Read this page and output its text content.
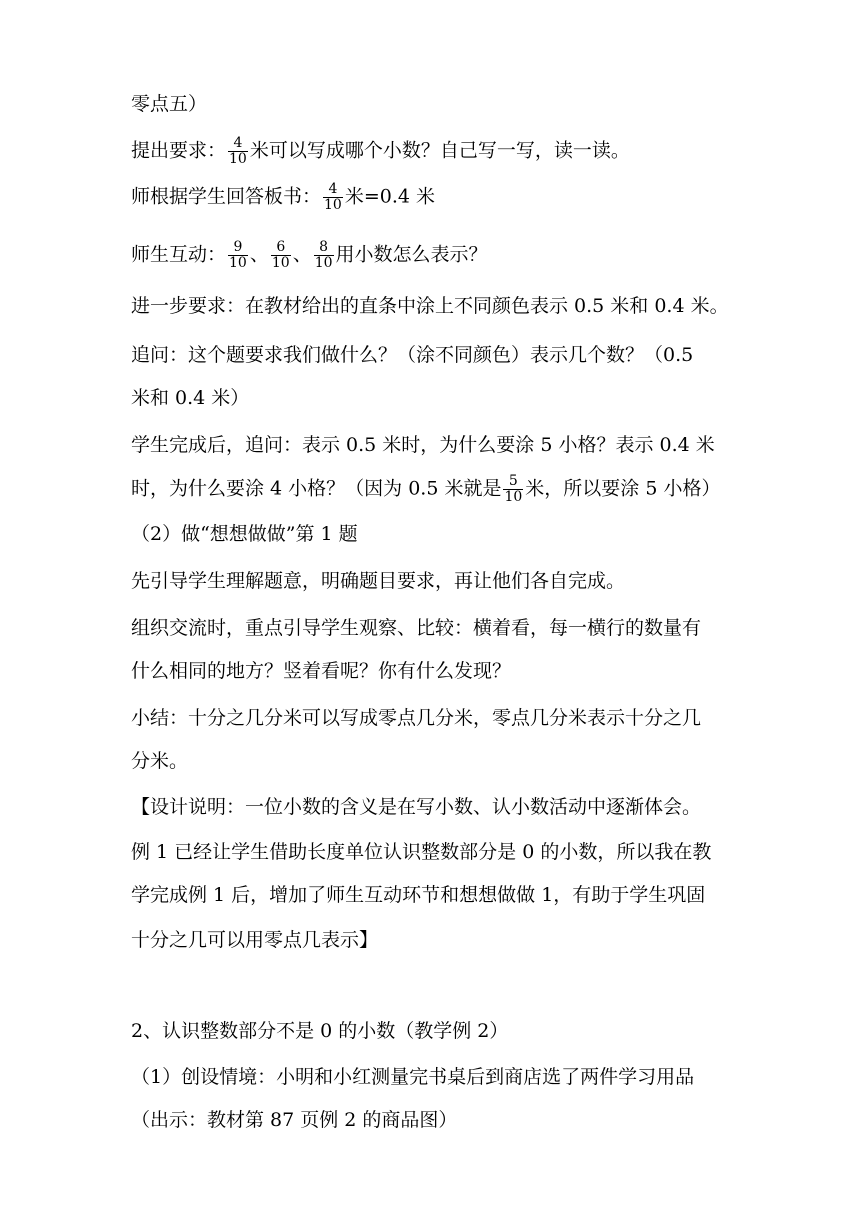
零点五）
提出要求： $\frac{4}{10}$ 米可以写成哪个小数？自己写一写，读一读。
师根据学生回答板书： $\frac{4}{10}$ 米=0.4 米
师生互动： $\frac{9}{10}$ 、 $\frac{6}{10}$ 、 $\frac{8}{10}$ 用小数怎么表示？
进一步要求：在教材给出的直条中涂上不同颜色表示 0.5 米和 0.4 米。
追问：这个题要求我们做什么？（涂不同颜色）表示几个数？（0.5
米和 0.4 米）
学生完成后，追问：表示 0.5 米时，为什么要涂 5 小格？表示 0.4 米
时，为什么要涂 4 小格？（因为 0.5 米就是 $\frac{5}{10}$ 米，所以要涂 5 小格）
（2）做“想想做做”第 1 题
先引导学生理解题意，明确题目要求，再让他们各自完成。
组织交流时，重点引导学生观察、比较：横着看，每一横行的数量有
什么相同的地方？竖着看呢？你有什么发现？
小结：十分之几分米可以写成零点几分米，零点几分米表示十分之几
分米。
【设计说明：一位小数的含义是在写小数、认小数活动中逐渐体会。
例 1 已经让学生借助长度单位认识整数部分是 0 的小数，所以我在教
学完成例 1 后，增加了师生互动环节和想想做做 1，有助于学生巩固
十分之几可以用零点几表示】
2、认识整数部分不是 0 的小数（教学例 2）
（1）创设情境：小明和小红测量完书桌后到商店选了两件学习用品
（出示：教材第 87 页例 2 的商品图）
